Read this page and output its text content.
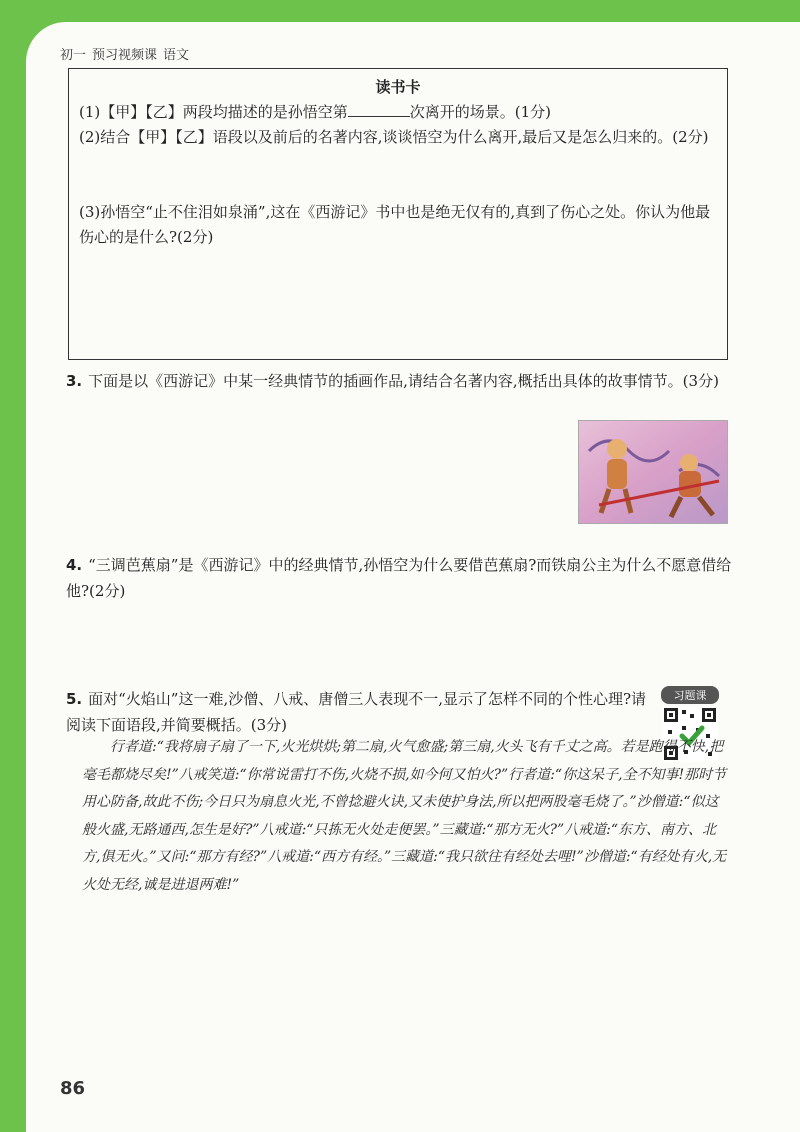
初一 预习视频课 语文
读书卡

(1)【甲】【乙】两段均描述的是孙悟空第	次离开的场景。(1分)

(2)结合【甲】【乙】语段以及前后的名著内容,谈谈悟空为什么离开,最后又是怎么归来的。(2分)

(3)孙悟空“止不住泪如泉涌”,这在《西游记》书中也是绝无仅有的,真到了伤心之处。你认为他最伤心的是什么?(2分)

3. 下面是以《西游记》中某一经典情节的插画作品,请结合名著内容,概括出具体的故事情节。(3分)
4. “三调芭蕉扇”是《西游记》中的经典情节,孙悟空为什么要借芭蕉扇?而铁扇公主为什么不愿意借给他?(2分)
5. 面对“火焰山”这一难,沙僧、八戒、唐僧三人表现不一,显示了怎样不同的个性心理?请阅读下面语段,并简要概括。(3分)
习题课

行者道:“我将扇子扇了一下,火光烘烘;第二扇,火气愈盛;第三扇,火头飞有千丈之高。若是跑得不快,把毫毛都烧尽矣!”八戒笑道:“你常说雷打不伤,火烧不损,如今何又怕火?”行者道:“你这呆子,全不知事!那时节用心防备,故此不伤;今日只为扇息火光,不曾捻避火诀,又未使护身法,所以把两股毫毛烧了。”沙僧道:“似这般火盛,无路通西,怎生是好?”八戒道:“只拣无火处走便罢。”三藏道:“那方无火?”八戒道:“东方、南方、北方,俱无火。”又问:“那方有经?”八戒道:“西方有经。”三藏道:“我只欲往有经处去哩!”沙僧道:“有经处有火,无火处无经,诚是进退两难!”

86
